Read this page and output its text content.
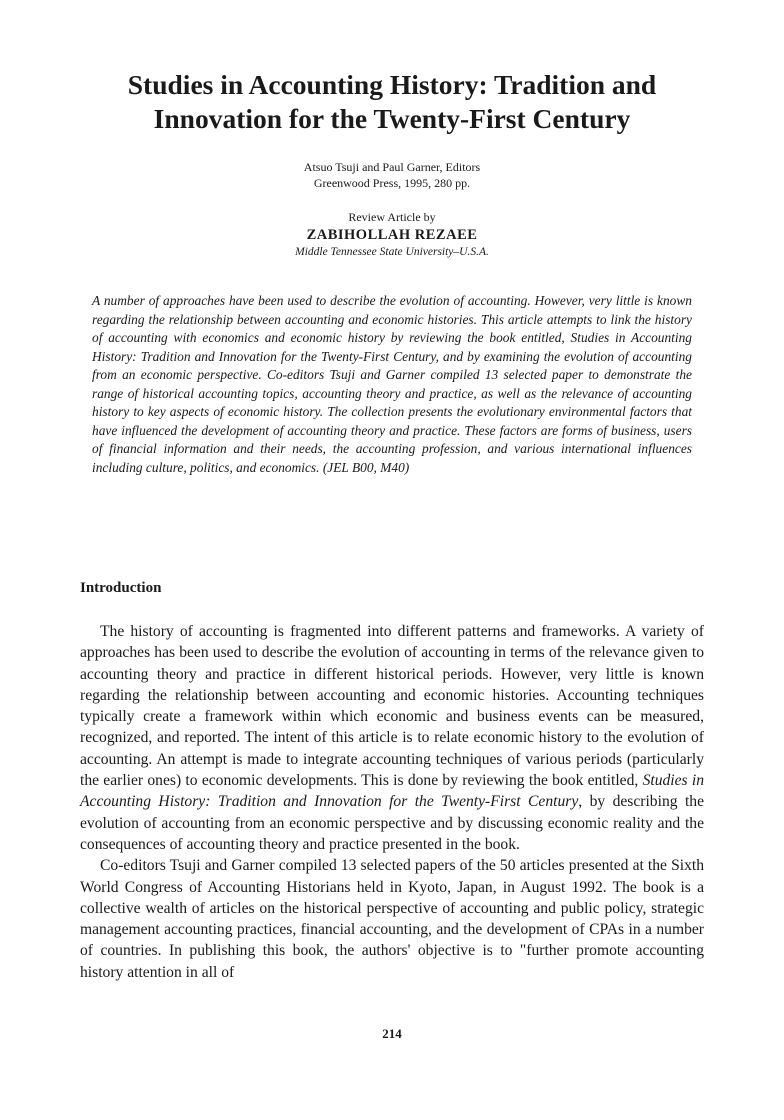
Studies in Accounting History: Tradition and
Innovation for the Twenty-First Century
Atsuo Tsuji and Paul Garner, Editors
Greenwood Press, 1995, 280 pp.
Review Article by
ZABIHOLLAH REZAEE
Middle Tennessee State University–U.S.A.

A number of approaches have been used to describe the evolution of accounting. However, very little is known regarding the relationship between accounting and economic histories. This article attempts to link the history of accounting with economics and economic history by reviewing the book entitled, Studies in Accounting History: Tradition and Innovation for the Twenty-First Century, and by examining the evolution of accounting from an economic perspective. Co-editors Tsuji and Garner compiled 13 selected paper to demonstrate the range of historical accounting topics, accounting theory and practice, as well as the relevance of accounting history to key aspects of economic history. The collection presents the evolutionary environmental factors that have influenced the development of accounting theory and practice. These factors are forms of business, users of financial information and their needs, the accounting profession, and various international influences including culture, politics, and economics. (JEL B00, M40)

Introduction

The history of accounting is fragmented into different patterns and frameworks. A variety of approaches has been used to describe the evolution of accounting in terms of the relevance given to accounting theory and practice in different historical periods. However, very little is known regarding the relationship between accounting and economic histories. Accounting techniques typically create a framework within which economic and business events can be measured, recognized, and reported. The intent of this article is to relate economic history to the evolution of accounting. An attempt is made to integrate accounting techniques of various periods (particularly the earlier ones) to economic developments. This is done by reviewing the book entitled, Studies in Accounting History: Tradition and Innovation for the Twenty-First Century, by describing the evolution of accounting from an economic perspective and by discussing economic reality and the consequences of accounting theory and practice presented in the book.

Co-editors Tsuji and Garner compiled 13 selected papers of the 50 articles presented at the Sixth World Congress of Accounting Historians held in Kyoto, Japan, in August 1992. The book is a collective wealth of articles on the historical perspective of accounting and public policy, strategic management accounting practices, financial accounting, and the development of CPAs in a number of countries. In publishing this book, the authors' objective is to "further promote accounting history attention in all of

214
